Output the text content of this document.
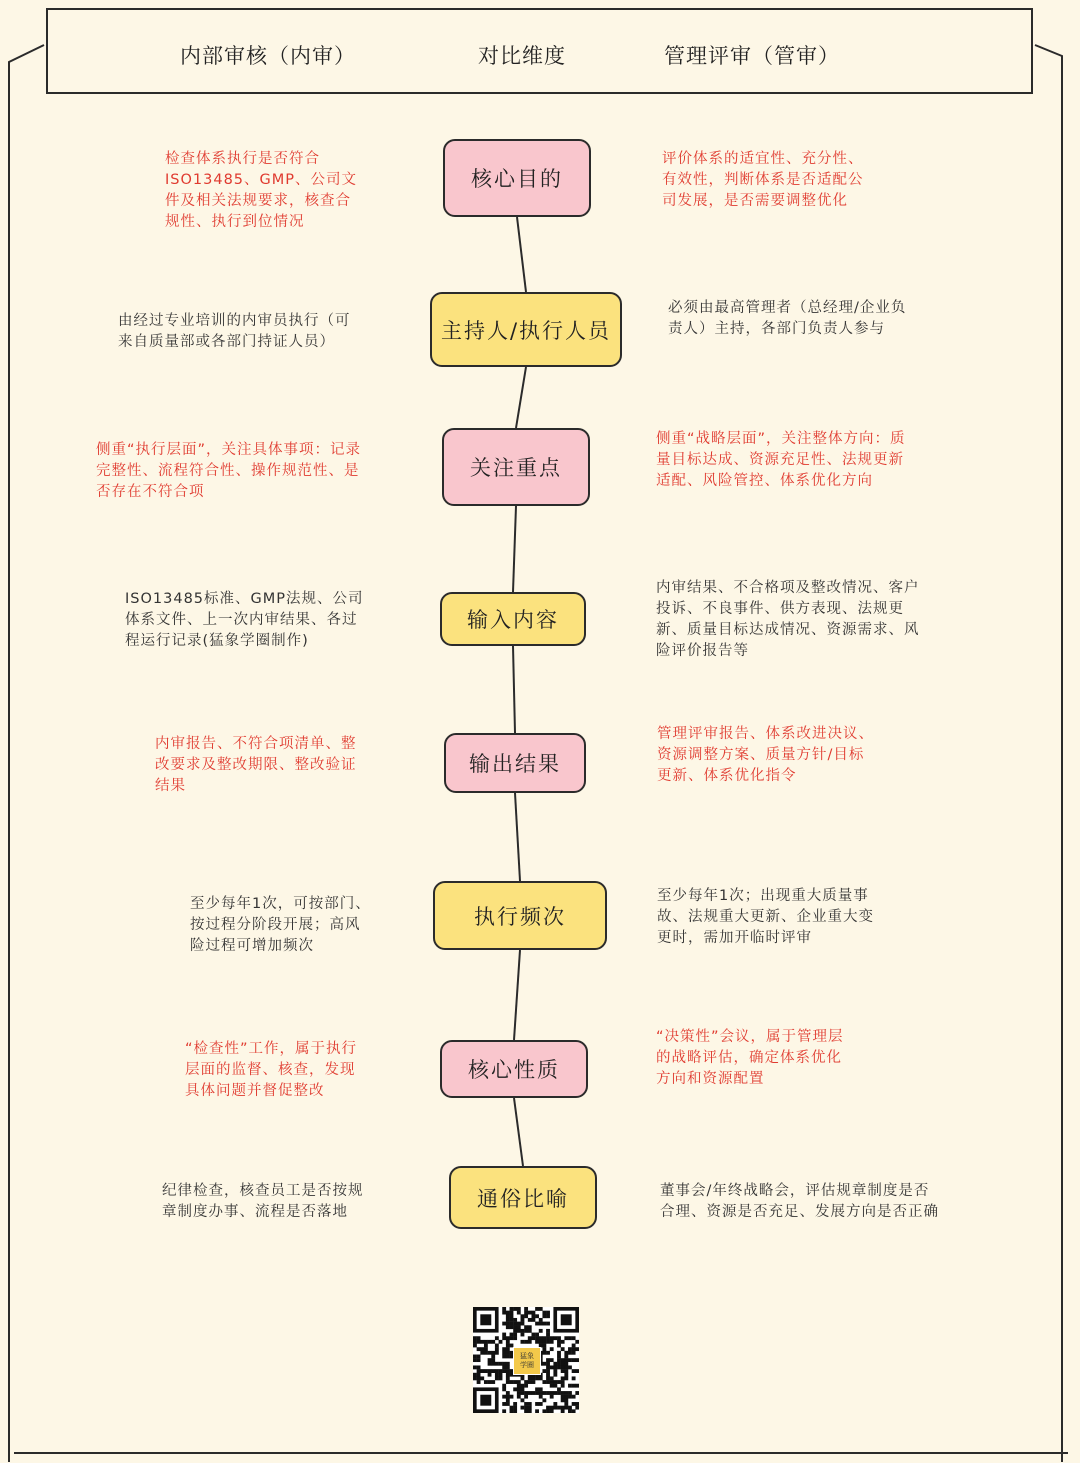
内部审核（内审）	对比维度	管理评审（管审）
核心目的
检查体系执行是否符合
ISO13485、GMP、公司文
件及相关法规要求，核查合
规性、执行到位情况
评价体系的适宜性、充分性、
有效性，判断体系是否适配公
司发展，是否需要调整优化
主持人/执行人员
由经过专业培训的内审员执行（可
来自质量部或各部门持证人员）
必须由最高管理者（总经理/企业负
责人）主持，各部门负责人参与
关注重点
侧重“执行层面”，关注具体事项：记录
完整性、流程符合性、操作规范性、是
否存在不符合项
侧重“战略层面”，关注整体方向：质
量目标达成、资源充足性、法规更新
适配、风险管控、体系优化方向
输入内容
ISO13485标准、GMP法规、公司
体系文件、上一次内审结果、各过
程运行记录(猛象学圈制作)
内审结果、不合格项及整改情况、客户
投诉、不良事件、供方表现、法规更
新、质量目标达成情况、资源需求、风
险评价报告等
输出结果
内审报告、不符合项清单、整
改要求及整改期限、整改验证
结果
管理评审报告、体系改进决议、
资源调整方案、质量方针/目标
更新、体系优化指令
执行频次
至少每年1次，可按部门、
按过程分阶段开展；高风
险过程可增加频次
至少每年1次；出现重大质量事
故、法规重大更新、企业重大变
更时，需加开临时评审
核心性质
“检查性”工作，属于执行
层面的监督、核查，发现
具体问题并督促整改
“决策性”会议，属于管理层
的战略评估，确定体系优化
方向和资源配置
通俗比喻
纪律检查，核查员工是否按规
章制度办事、流程是否落地
董事会/年终战略会，评估规章制度是否
合理、资源是否充足、发展方向是否正确
猛象
学圈
